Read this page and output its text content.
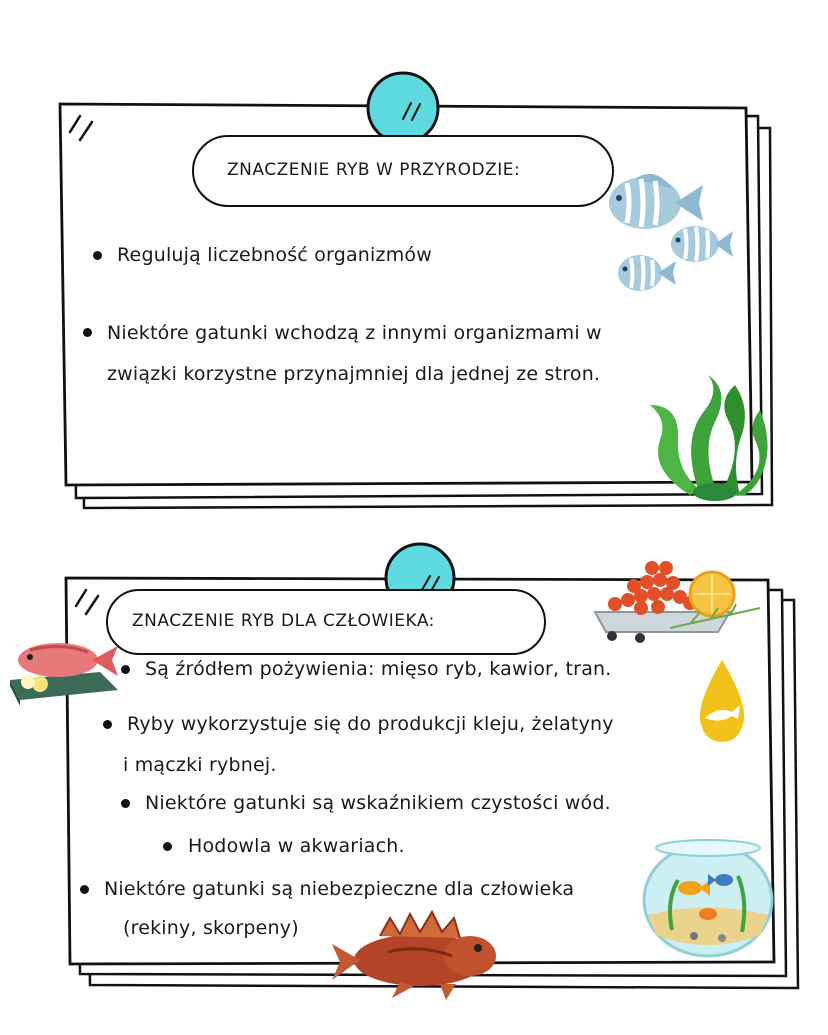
ZNACZENIE RYB W PRZYRODZIE:
Regulują liczebność organizmów
Niektóre gatunki wchodzą z innymi organizmami w
związki korzystne przynajmniej dla jednej ze stron.
ZNACZENIE RYB DLA CZŁOWIEKA:
Są źródłem pożywienia: mięso ryb, kawior, tran.
Ryby wykorzystuje się do produkcji kleju, żelatyny
i mączki rybnej.
Niektóre gatunki są wskaźnikiem czystości wód.
Hodowla w akwariach.
Niektóre gatunki są niebezpieczne dla człowieka
(rekiny, skorpeny)
